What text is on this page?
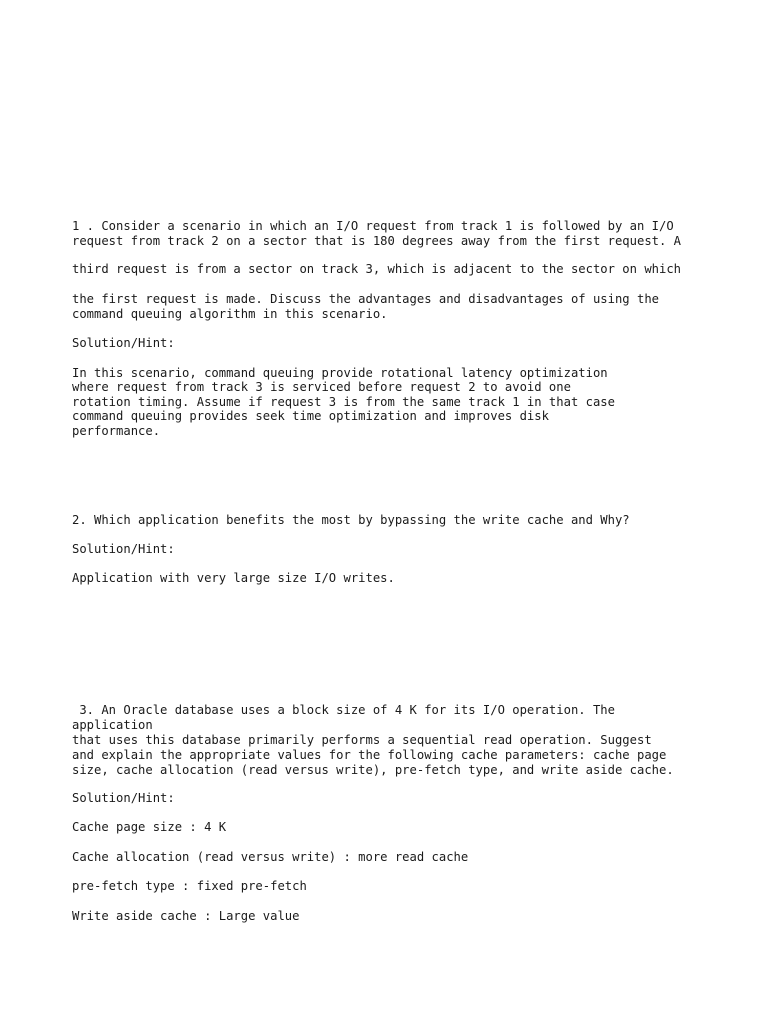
1 . Consider a scenario in which an I/O request from track 1 is followed by an I/O

request from track 2 on a sector that is 180 degrees away from the first request. A

third request is from a sector on track 3, which is adjacent to the sector on which

the first request is made. Discuss the advantages and disadvantages of using the

command queuing algorithm in this scenario.

Solution/Hint:

In this scenario, command queuing provide rotational latency optimization

where request from track 3 is serviced before request 2 to avoid one

rotation timing. Assume if request 3 is from the same track 1 in that case

command queuing provides seek time optimization and improves disk

performance.

2. Which application benefits the most by bypassing the write cache and Why?

Solution/Hint:

Application with very large size I/O writes.

3. An Oracle database uses a block size of 4 K for its I/O operation. The

application

that uses this database primarily performs a sequential read operation. Suggest

and explain the appropriate values for the following cache parameters: cache page

size, cache allocation (read versus write), pre-fetch type, and write aside cache.

Solution/Hint:

Cache page size : 4 K

Cache allocation (read versus write) : more read cache

pre-fetch type : fixed pre-fetch

Write aside cache : Large value
